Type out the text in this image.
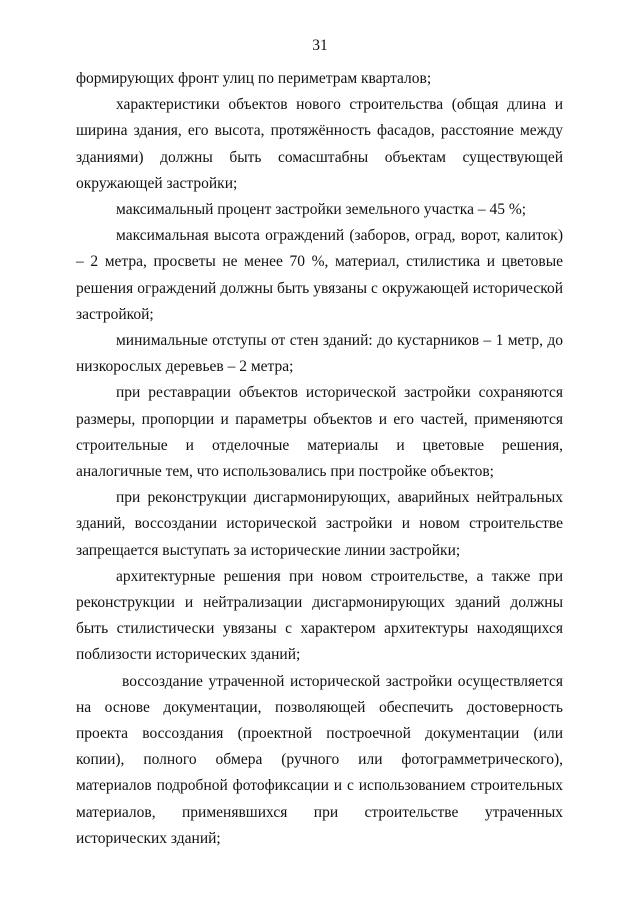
31

формирующих фронт улиц по периметрам кварталов;

характеристики объектов нового строительства (общая длина и ширина здания, его высота, протяжённость фасадов, расстояние между зданиями) должны быть сомасштабны объектам существующей окружающей застройки;

максимальный процент застройки земельного участка – 45 %;

максимальная высота ограждений (заборов, оград, ворот, калиток) – 2 метра, просветы не менее 70 %, материал, стилистика и цветовые решения ограждений должны быть увязаны с окружающей исторической застройкой;

минимальные отступы от стен зданий: до кустарников – 1 метр, до низкорослых деревьев – 2 метра;

при реставрации объектов исторической застройки сохраняются размеры, пропорции и параметры объектов и его частей, применяются строительные и отделочные материалы и цветовые решения, аналогичные тем, что использовались при постройке объектов;

при реконструкции дисгармонирующих, аварийных нейтральных зданий, воссоздании исторической застройки и новом строительстве запрещается выступать за исторические линии застройки;

архитектурные решения при новом строительстве, а также при реконструкции и нейтрализации дисгармонирующих зданий должны быть стилистически увязаны с характером архитектуры находящихся поблизости исторических зданий;

воссоздание утраченной исторической застройки осуществляется на основе документации, позволяющей обеспечить достоверность проекта воссоздания (проектной построечной документации (или копии), полного обмера (ручного или фотограмметрического), материалов подробной фотофиксации и с использованием строительных материалов, применявшихся при строительстве утраченных исторических зданий;
